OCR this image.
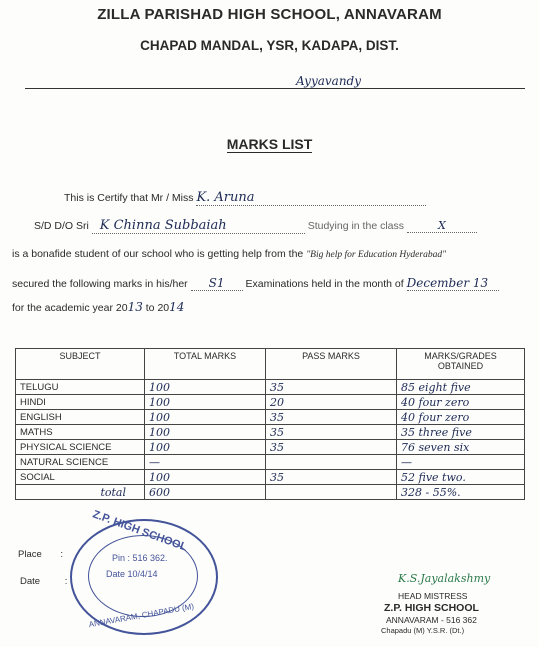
ZILLA PARISHAD HIGH SCHOOL, ANNAVARAM
CHAPAD MANDAL, YSR, KADAPA, DIST.
Ayyavandy
MARKS LIST
This is Certify that Mr / Miss K. Aruna
S/D D/O Sri K Chinna Subbaiah	Studying in the class	X
is a bonafide student of our school who is getting help from the "Big help for Education Hyderabad"
secured the following marks in his/her S1 Examinations held in the month of December 13
for the academic year 2013 to 2014
SUBJECT	TOTAL MARKS	PASS MARKS	MARKS/GRADES OBTAINED
TELUGU	100	35	85 eight five
HINDI	100	20	40 four zero
ENGLISH	100	35	40 four zero
MATHS	100	35	35 three five
PHYSICAL SCIENCE	100	35	76 seven six
NATURAL SCIENCE	—		—
SOCIAL	100	35	52 five two.
total	600		328 - 55%.
Place :
Date	:
Z.P. HIGH SCHOOL
Pin : 516 362.
Date 10/4/14
ANNAVARAM, CHAPADU (M)
K.S.Jayalakshmy
HEAD MISTRESS
Z.P. HIGH SCHOOL
ANNAVARAM - 516 362
Chapadu (M) Y.S.R. (Dt.)
